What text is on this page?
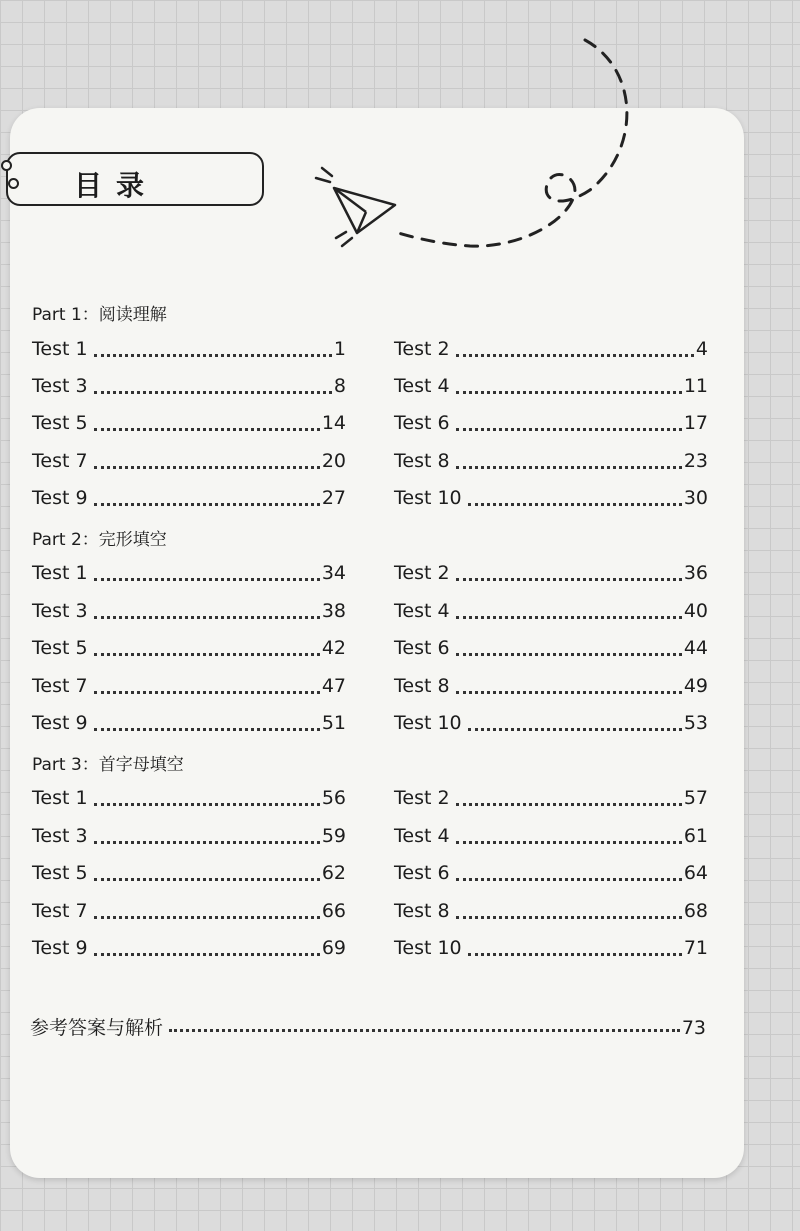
目录
Part 1：阅读理解
Test 1	1	Test 2	4
Test 3	8	Test 4	11
Test 5	14	Test 6	17
Test 7	20	Test 8	23
Test 9	27	Test 10	30
Part 2：完形填空
Test 1	34	Test 2	36
Test 3	38	Test 4	40
Test 5	42	Test 6	44
Test 7	47	Test 8	49
Test 9	51	Test 10	53
Part 3：首字母填空
Test 1	56	Test 2	57
Test 3	59	Test 4	61
Test 5	62	Test 6	64
Test 7	66	Test 8	68
Test 9	69	Test 10	71
参考答案与解析	73
